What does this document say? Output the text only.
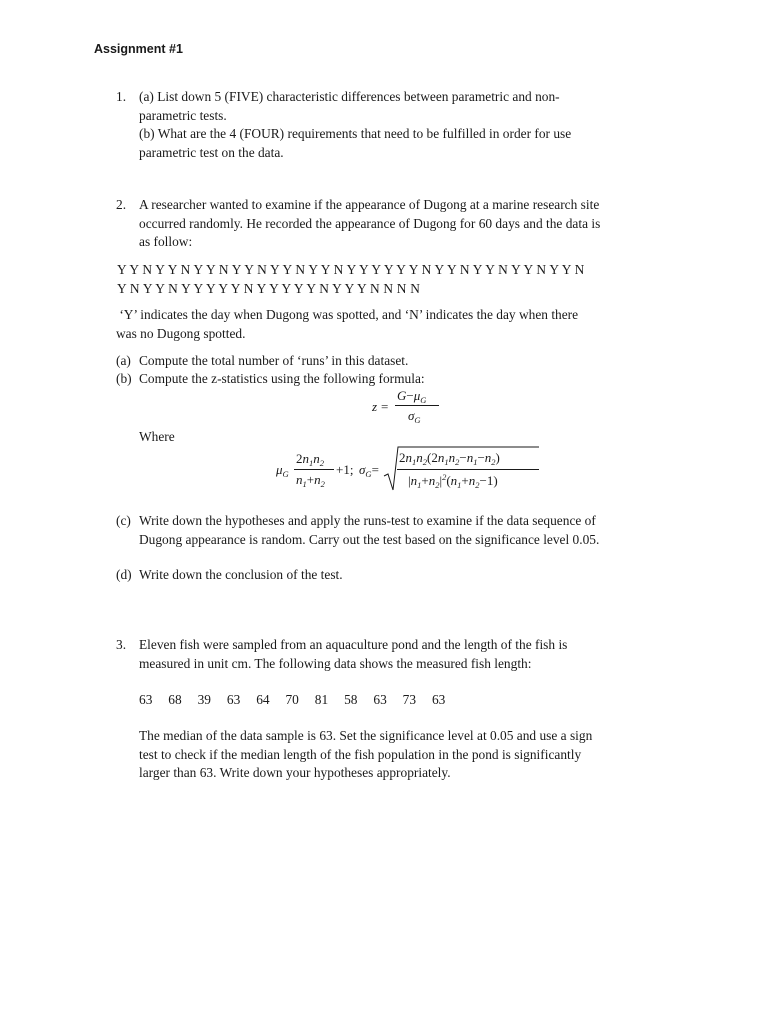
Assignment #1
1. (a) List down 5 (FIVE) characteristic differences between parametric and non-
parametric tests.
(b) What are the 4 (FOUR) requirements that need to be fulfilled in order for use
parametric test on the data.
2. A researcher wanted to examine if the appearance of Dugong at a marine research site
occurred randomly. He recorded the appearance of Dugong for 60 days and the data is
as follow:
Y Y N Y Y N Y Y N Y Y N Y Y N Y Y N Y Y Y Y Y Y N Y Y N Y Y N Y Y N Y Y N
Y N Y Y N Y Y Y Y Y N Y Y Y Y Y N Y Y Y N N N N
‘Y’ indicates the day when Dugong was spotted, and ‘N’ indicates the day when there
was no Dugong spotted.
(a) Compute the total number of ‘runs’ in this dataset.
(b) Compute the z-statistics using the following formula:
z =
$G-\mu_G$
$\sigma_G$
Where
$\mu_G$
$2n_1n_2$
$n_1+n_2$
+1; $\sigma_G=$
$2n_1n_2(2n_1n_2-n_1-n_2)$
$|n_1+n_2|^2(n_1+n_2-1)$
(c) Write down the hypotheses and apply the runs-test to examine if the data sequence of
Dugong appearance is random. Carry out the test based on the significance level 0.05.
(d) Write down the conclusion of the test.
3. Eleven fish were sampled from an aquaculture pond and the length of the fish is
measured in unit cm. The following data shows the measured fish length:
63 68 39 63 64 70 81 58 63 73 63
The median of the data sample is 63. Set the significance level at 0.05 and use a sign
test to check if the median length of the fish population in the pond is significantly
larger than 63. Write down your hypotheses appropriately.
